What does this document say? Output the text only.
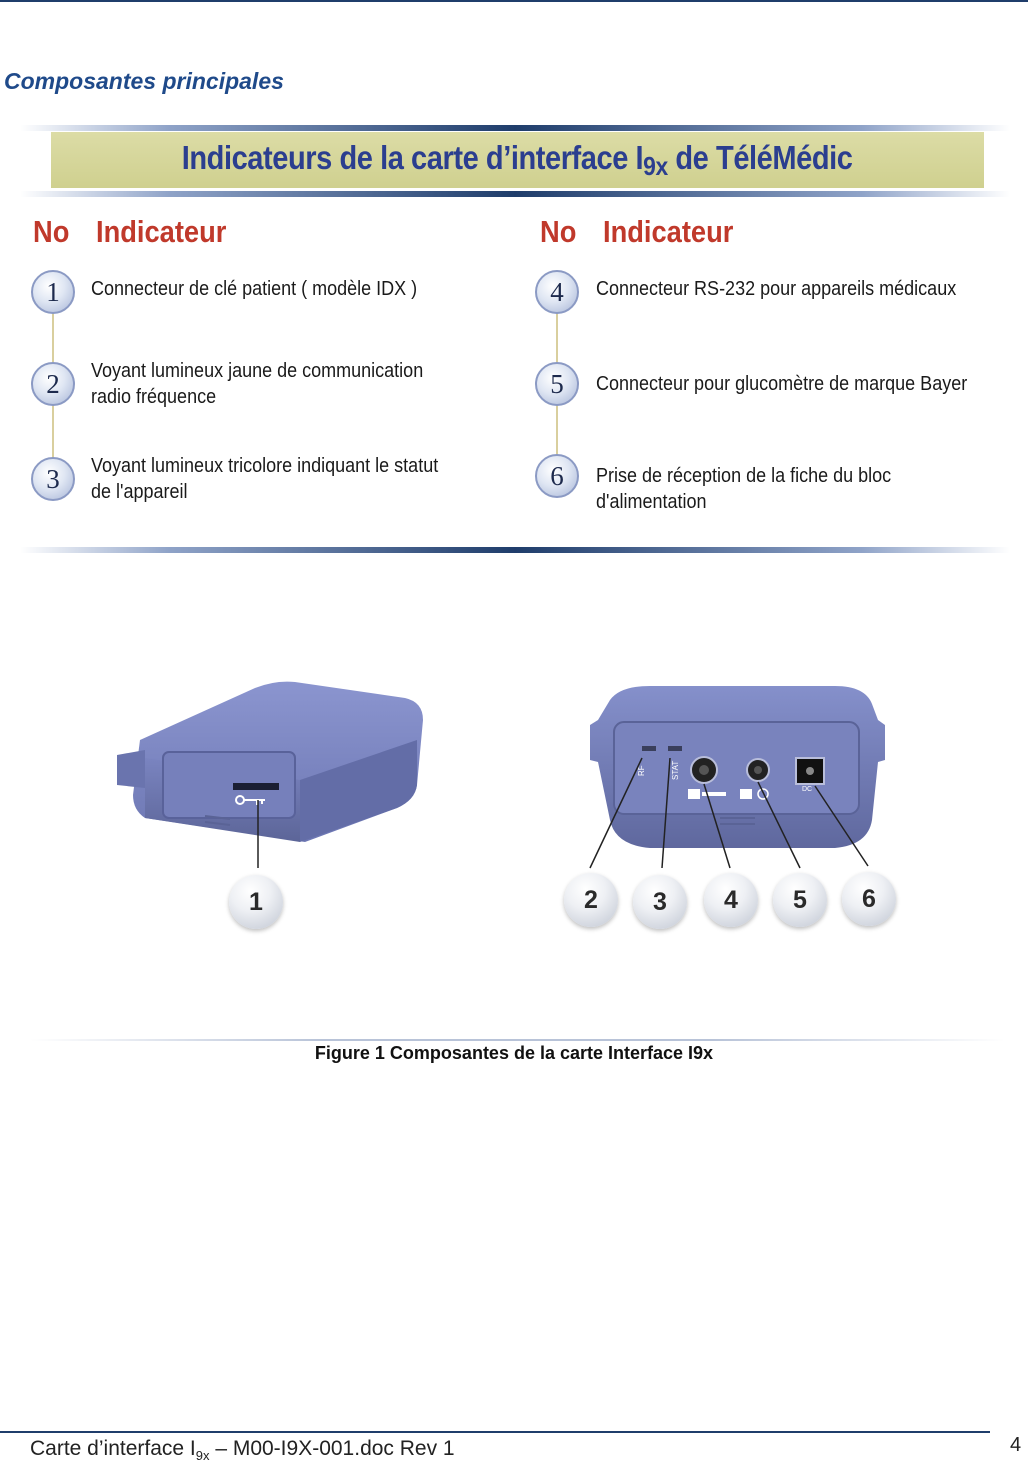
Composantes principales
Indicateurs de la carte d’interface $I_{9x}$ de TéléMédic
No Indicateur	No Indicateur
1	Connecteur de clé patient ( modèle IDX )
2	Voyant lumineux jaune de communication radio fréquence
3	Voyant lumineux tricolore indiquant le statut de l'appareil
4	Connecteur RS-232 pour appareils médicaux
5	Connecteur pour glucomètre de marque Bayer
6	Prise de réception de la fiche du bloc d'alimentation
RF	STAT
DC
1	2	3	4	5	6
Figure 1 Composantes de la carte Interface I9x
Carte d’interface $I_{9x} - M00-I9X-001.doc$ Rev 1	4
